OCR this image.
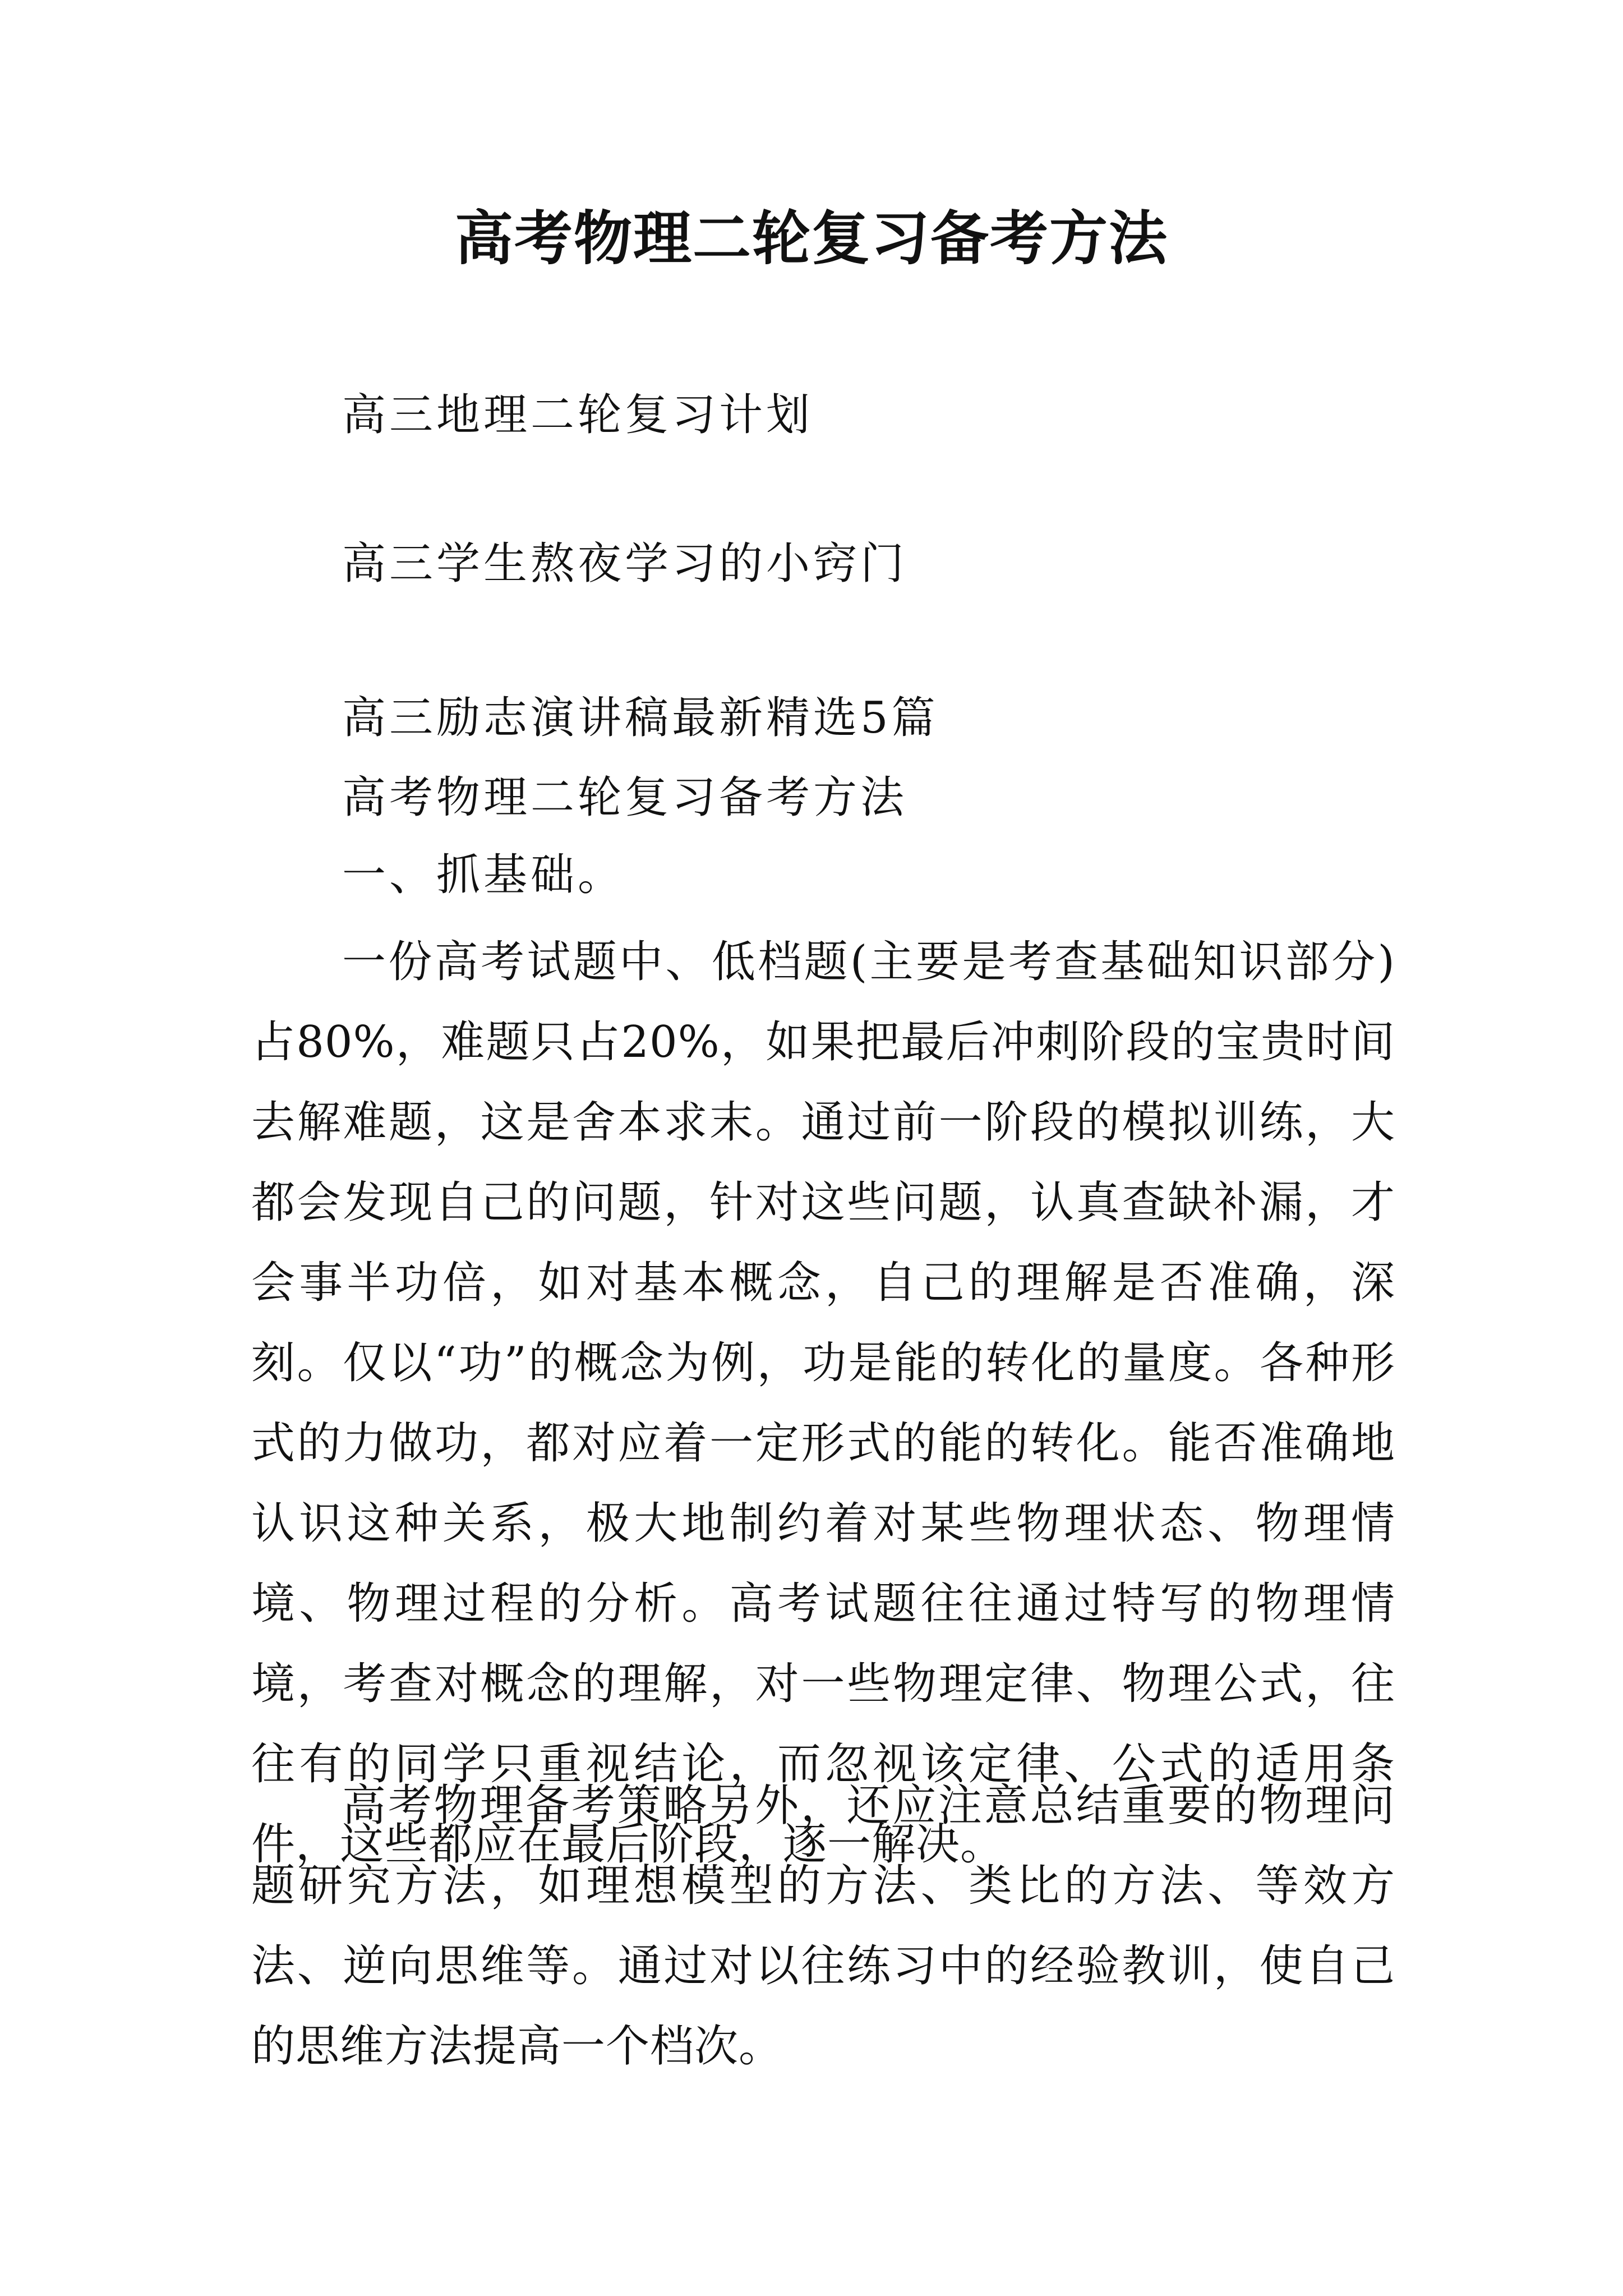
高考物理二轮复习备考方法

高三地理二轮复习计划

高三学生熬夜学习的小窍门

高三励志演讲稿最新精选5篇

高考物理二轮复习备考方法

一、抓基础。

一份高考试题中、低档题(主要是考查基础知识部分)占80%，难题只占20%，如果把最后冲刺阶段的宝贵时间去解难题，这是舍本求末。通过前一阶段的模拟训练，大都会发现自己的问题，针对这些问题，认真查缺补漏，才会事半功倍，如对基本概念，自己的理解是否准确，深刻。仅以“功”的概念为例，功是能的转化的量度。各种形式的力做功，都对应着一定形式的能的转化。能否准确地认识这种关系，极大地制约着对某些物理状态、物理情境、物理过程的分析。高考试题往往通过特写的物理情境，考查对概念的理解，对一些物理定律、物理公式，往往有的同学只重视结论，而忽视该定律、公式的适用条件，这些都应在最后阶段，逐一解决。

高考物理备考策略另外，还应注意总结重要的物理问题研究方法，如理想模型的方法、类比的方法、等效方法、逆向思维等。通过对以往练习中的经验教训，使自己的思维方法提高一个档次。
